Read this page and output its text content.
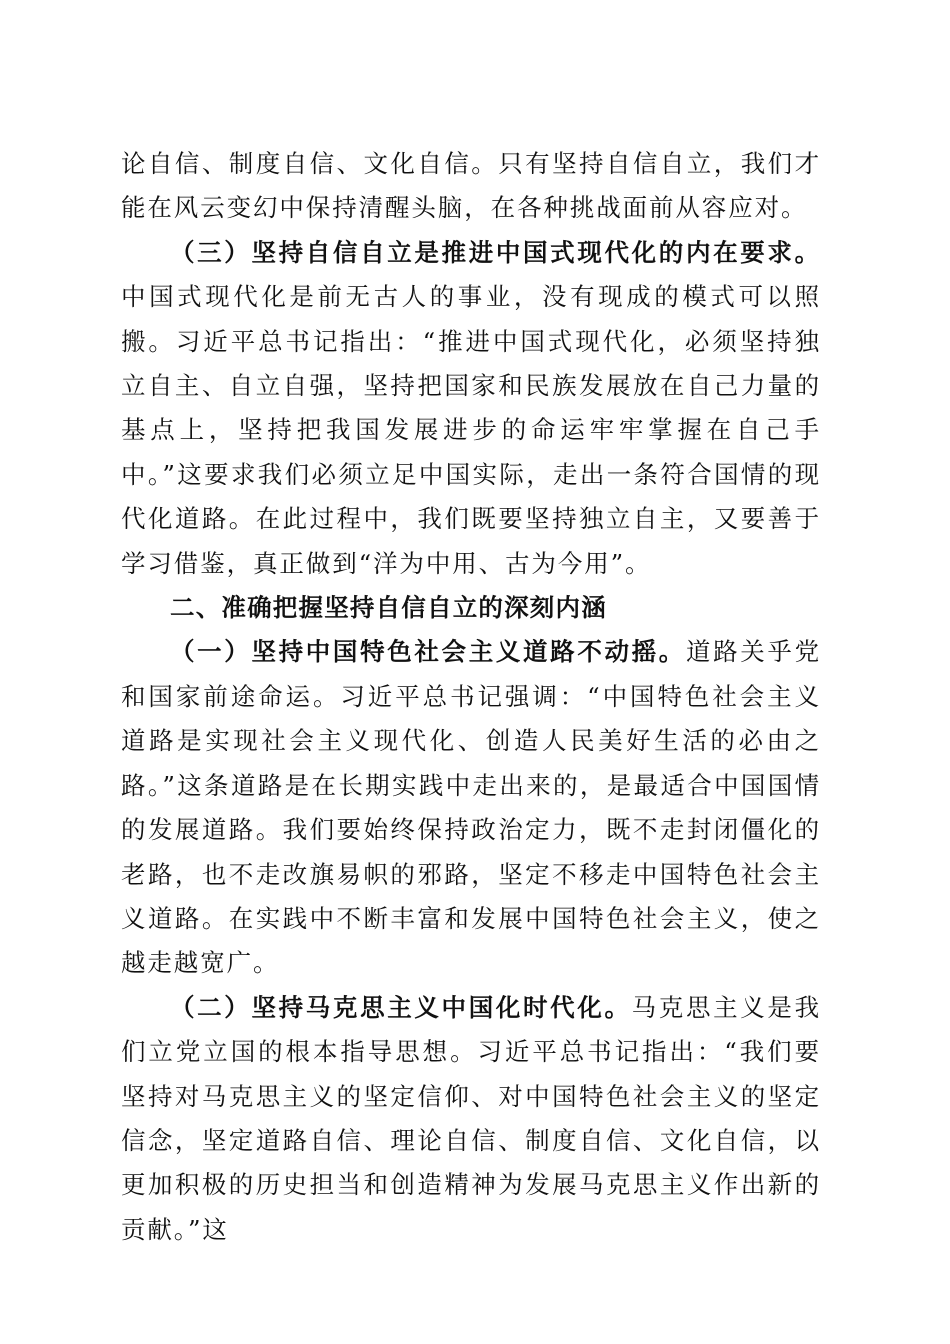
论自信、制度自信、文化自信。只有坚持自信自立，我们才能在风云变幻中保持清醒头脑，在各种挑战面前从容应对。

（三）坚持自信自立是推进中国式现代化的内在要求。中国式现代化是前无古人的事业，没有现成的模式可以照搬。习近平总书记指出：“推进中国式现代化，必须坚持独立自主、自立自强，坚持把国家和民族发展放在自己力量的基点上，坚持把我国发展进步的命运牢牢掌握在自己手中。”这要求我们必须立足中国实际，走出一条符合国情的现代化道路。在此过程中，我们既要坚持独立自主，又要善于学习借鉴，真正做到“洋为中用、古为今用”。

二、准确把握坚持自信自立的深刻内涵

（一）坚持中国特色社会主义道路不动摇。道路关乎党和国家前途命运。习近平总书记强调：“中国特色社会主义道路是实现社会主义现代化、创造人民美好生活的必由之路。”这条道路是在长期实践中走出来的，是最适合中国国情的发展道路。我们要始终保持政治定力，既不走封闭僵化的老路，也不走改旗易帜的邪路，坚定不移走中国特色社会主义道路。在实践中不断丰富和发展中国特色社会主义，使之越走越宽广。

（二）坚持马克思主义中国化时代化。马克思主义是我们立党立国的根本指导思想。习近平总书记指出：“我们要坚持对马克思主义的坚定信仰、对中国特色社会主义的坚定信念，坚定道路自信、理论自信、制度自信、文化自信，以更加积极的历史担当和创造精神为发展马克思主义作出新的贡献。”这
